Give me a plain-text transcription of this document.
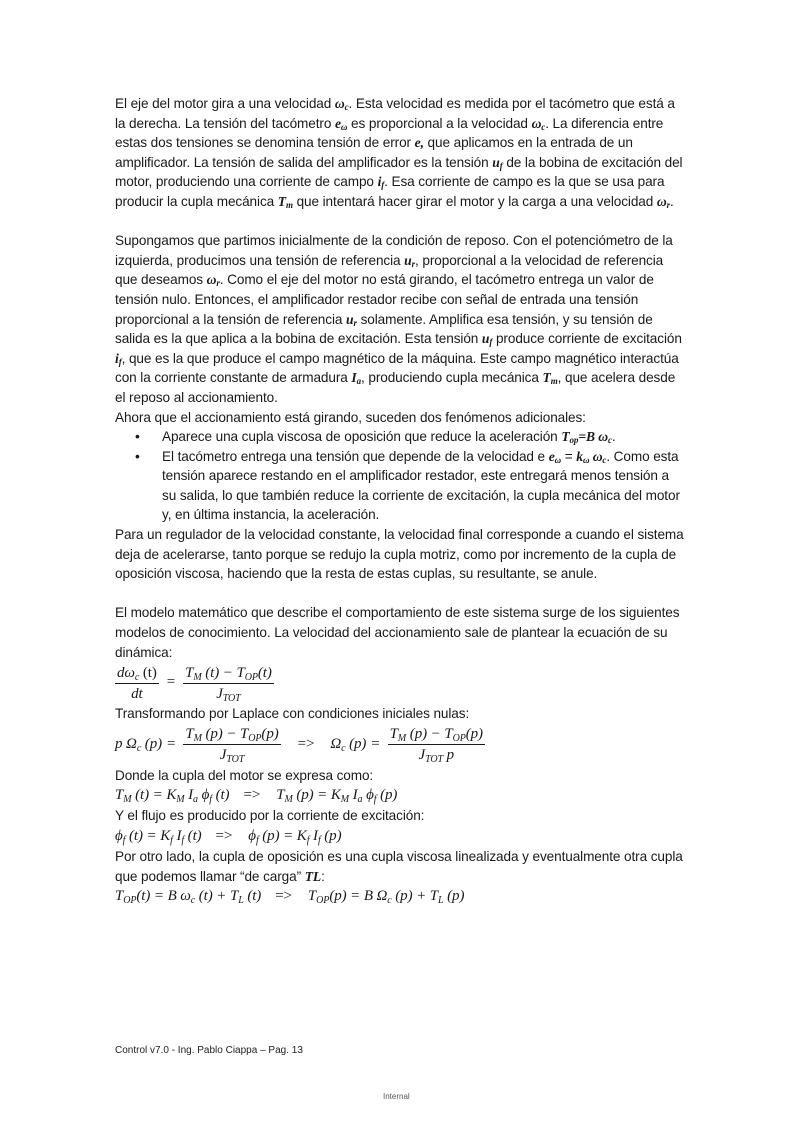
El eje del motor gira a una velocidad $\omega_c$. Esta velocidad es medida por el tacómetro que está a la derecha. La tensión del tacómetro $e_\omega$ es proporcional a la velocidad $\omega_c$. La diferencia entre estas dos tensiones se denomina tensión de error e, que aplicamos en la entrada de un amplificador. La tensión de salida del amplificador es la tensión $u_f$ de la bobina de excitación del motor, produciendo una corriente de campo $i_f$. Esa corriente de campo es la que se usa para producir la cupla mecánica $T_m$ que intentará hacer girar el motor y la carga a una velocidad $\omega_r$.

Supongamos que partimos inicialmente de la condición de reposo. Con el potenciómetro de la izquierda, producimos una tensión de referencia $u_r$, proporcional a la velocidad de referencia que deseamos $\omega_r$. Como el eje del motor no está girando, el tacómetro entrega un valor de tensión nulo. Entonces, el amplificador restador recibe con señal de entrada una tensión proporcional a la tensión de referencia $u_r$ solamente. Amplifica esa tensión, y su tensión de salida es la que aplica a la bobina de excitación. Esta tensión $u_f$ produce corriente de excitación $i_f$, que es la que produce el campo magnético de la máquina. Este campo magnético interactúa con la corriente constante de armadura $I_a$, produciendo cupla mecánica $T_m$, que acelera desde el reposo al accionamiento.

Ahora que el accionamiento está girando, suceden dos fenómenos adicionales:

• Aparece una cupla viscosa de oposición que reduce la aceleración $T_{op}=B$ $\omega_c$.
• El tacómetro entrega una tensión que depende de la velocidad e $e_\omega = k_\omega$ $\omega_c$. Como esta tensión aparece restando en el amplificador restador, este entregará menos tensión a su salida, lo que también reduce la corriente de excitación, la cupla mecánica del motor y, en última instancia, la aceleración.

Para un regulador de la velocidad constante, la velocidad final corresponde a cuando el sistema deja de acelerarse, tanto porque se redujo la cupla motriz, como por incremento de la cupla de oposición viscosa, haciendo que la resta de estas cuplas, su resultante, se anule.

El modelo matemático que describe el comportamiento de este sistema surge de los siguientes modelos de conocimiento. La velocidad del accionamiento sale de plantear la ecuación de su dinámica:

$\frac{d\omega_c (t)}{dt} = \frac{T_M (t) - T_{OP}(t)}{J_{TOT}}$

Transformando por Laplace con condiciones iniciales nulas:

p $\Omega_c$ $(p) = \frac{T_M (p) - T_{OP}(p)}{J_{TOT}} => \Omega_c$ $(p) = \frac{T_M (p) - T_{OP}(p)}{J_{TOT} p}$

Donde la cupla del motor se expresa como:

$T_M$ $(t) = K_M$ $I_a$ $\phi_f$ $(t) => T_M$ $(p) = K_M$ $I_a$ $\phi_f$ (p)

Y el flujo es producido por la corriente de excitación:

$\phi_f$ $(t) = K_f$ $I_f$ $(t) => \phi_f$ $(p) = K_f$ $I_f$ (p)

Por otro lado, la cupla de oposición es una cupla viscosa linealizada y eventualmente otra cupla que podemos llamar “de carga” TL:

$T_{OP}(t) = B$ $\omega_c$ $(t) + T_L$ $(t) => T_{OP}(p) = B$ $\Omega_c$ $(p) + T_L$ (p)
Control v7.0 - Ing. Pablo Ciappa – Pag. 13
Internal
